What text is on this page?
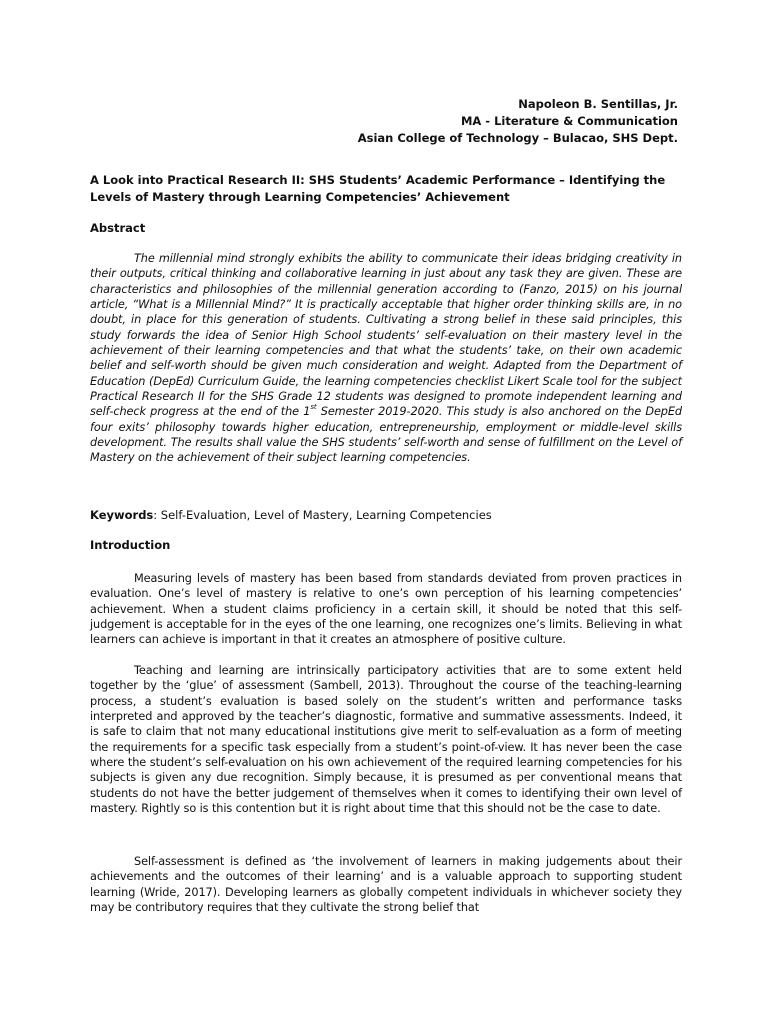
Napoleon B. Sentillas, Jr.
MA - Literature & Communication
Asian College of Technology – Bulacao, SHS Dept.
A Look into Practical Research II: SHS Students’ Academic Performance – Identifying the Levels of Mastery through Learning Competencies’ Achievement
Abstract

The millennial mind strongly exhibits the ability to communicate their ideas bridging creativity in their outputs, critical thinking and collaborative learning in just about any task they are given. These are characteristics and philosophies of the millennial generation according to (Fanzo, 2015) on his journal article, “What is a Millennial Mind?” It is practically acceptable that higher order thinking skills are, in no doubt, in place for this generation of students. Cultivating a strong belief in these said principles, this study forwards the idea of Senior High School students’ self-evaluation on their mastery level in the achievement of their learning competencies and that what the students’ take, on their own academic belief and self-worth should be given much consideration and weight. Adapted from the Department of Education (DepEd) Curriculum Guide, the learning competencies checklist Likert Scale tool for the subject Practical Research II for the SHS Grade 12 students was designed to promote independent learning and self-check progress at the end of the 1st Semester 2019-2020. This study is also anchored on the DepEd four exits’ philosophy towards higher education, entrepreneurship, employment or middle-level skills development. The results shall value the SHS students’ self-worth and sense of fulfillment on the Level of Mastery on the achievement of their subject learning competencies.

Keywords: Self-Evaluation, Level of Mastery, Learning Competencies
Introduction

Measuring levels of mastery has been based from standards deviated from proven practices in evaluation. One’s level of mastery is relative to one’s own perception of his learning competencies’ achievement. When a student claims proficiency in a certain skill, it should be noted that this self-judgement is acceptable for in the eyes of the one learning, one recognizes one’s limits. Believing in what learners can achieve is important in that it creates an atmosphere of positive culture.

Teaching and learning are intrinsically participatory activities that are to some extent held together by the ‘glue’ of assessment (Sambell, 2013). Throughout the course of the teaching-learning process, a student’s evaluation is based solely on the student’s written and performance tasks interpreted and approved by the teacher’s diagnostic, formative and summative assessments. Indeed, it is safe to claim that not many educational institutions give merit to self-evaluation as a form of meeting the requirements for a specific task especially from a student’s point-of-view. It has never been the case where the student’s self-evaluation on his own achievement of the required learning competencies for his subjects is given any due recognition. Simply because, it is presumed as per conventional means that students do not have the better judgement of themselves when it comes to identifying their own level of mastery. Rightly so is this contention but it is right about time that this should not be the case to date.

Self-assessment is defined as ‘the involvement of learners in making judgements about their achievements and the outcomes of their learning’ and is a valuable approach to supporting student learning (Wride, 2017). Developing learners as globally competent individuals in whichever society they may be contributory requires that they cultivate the strong belief that
